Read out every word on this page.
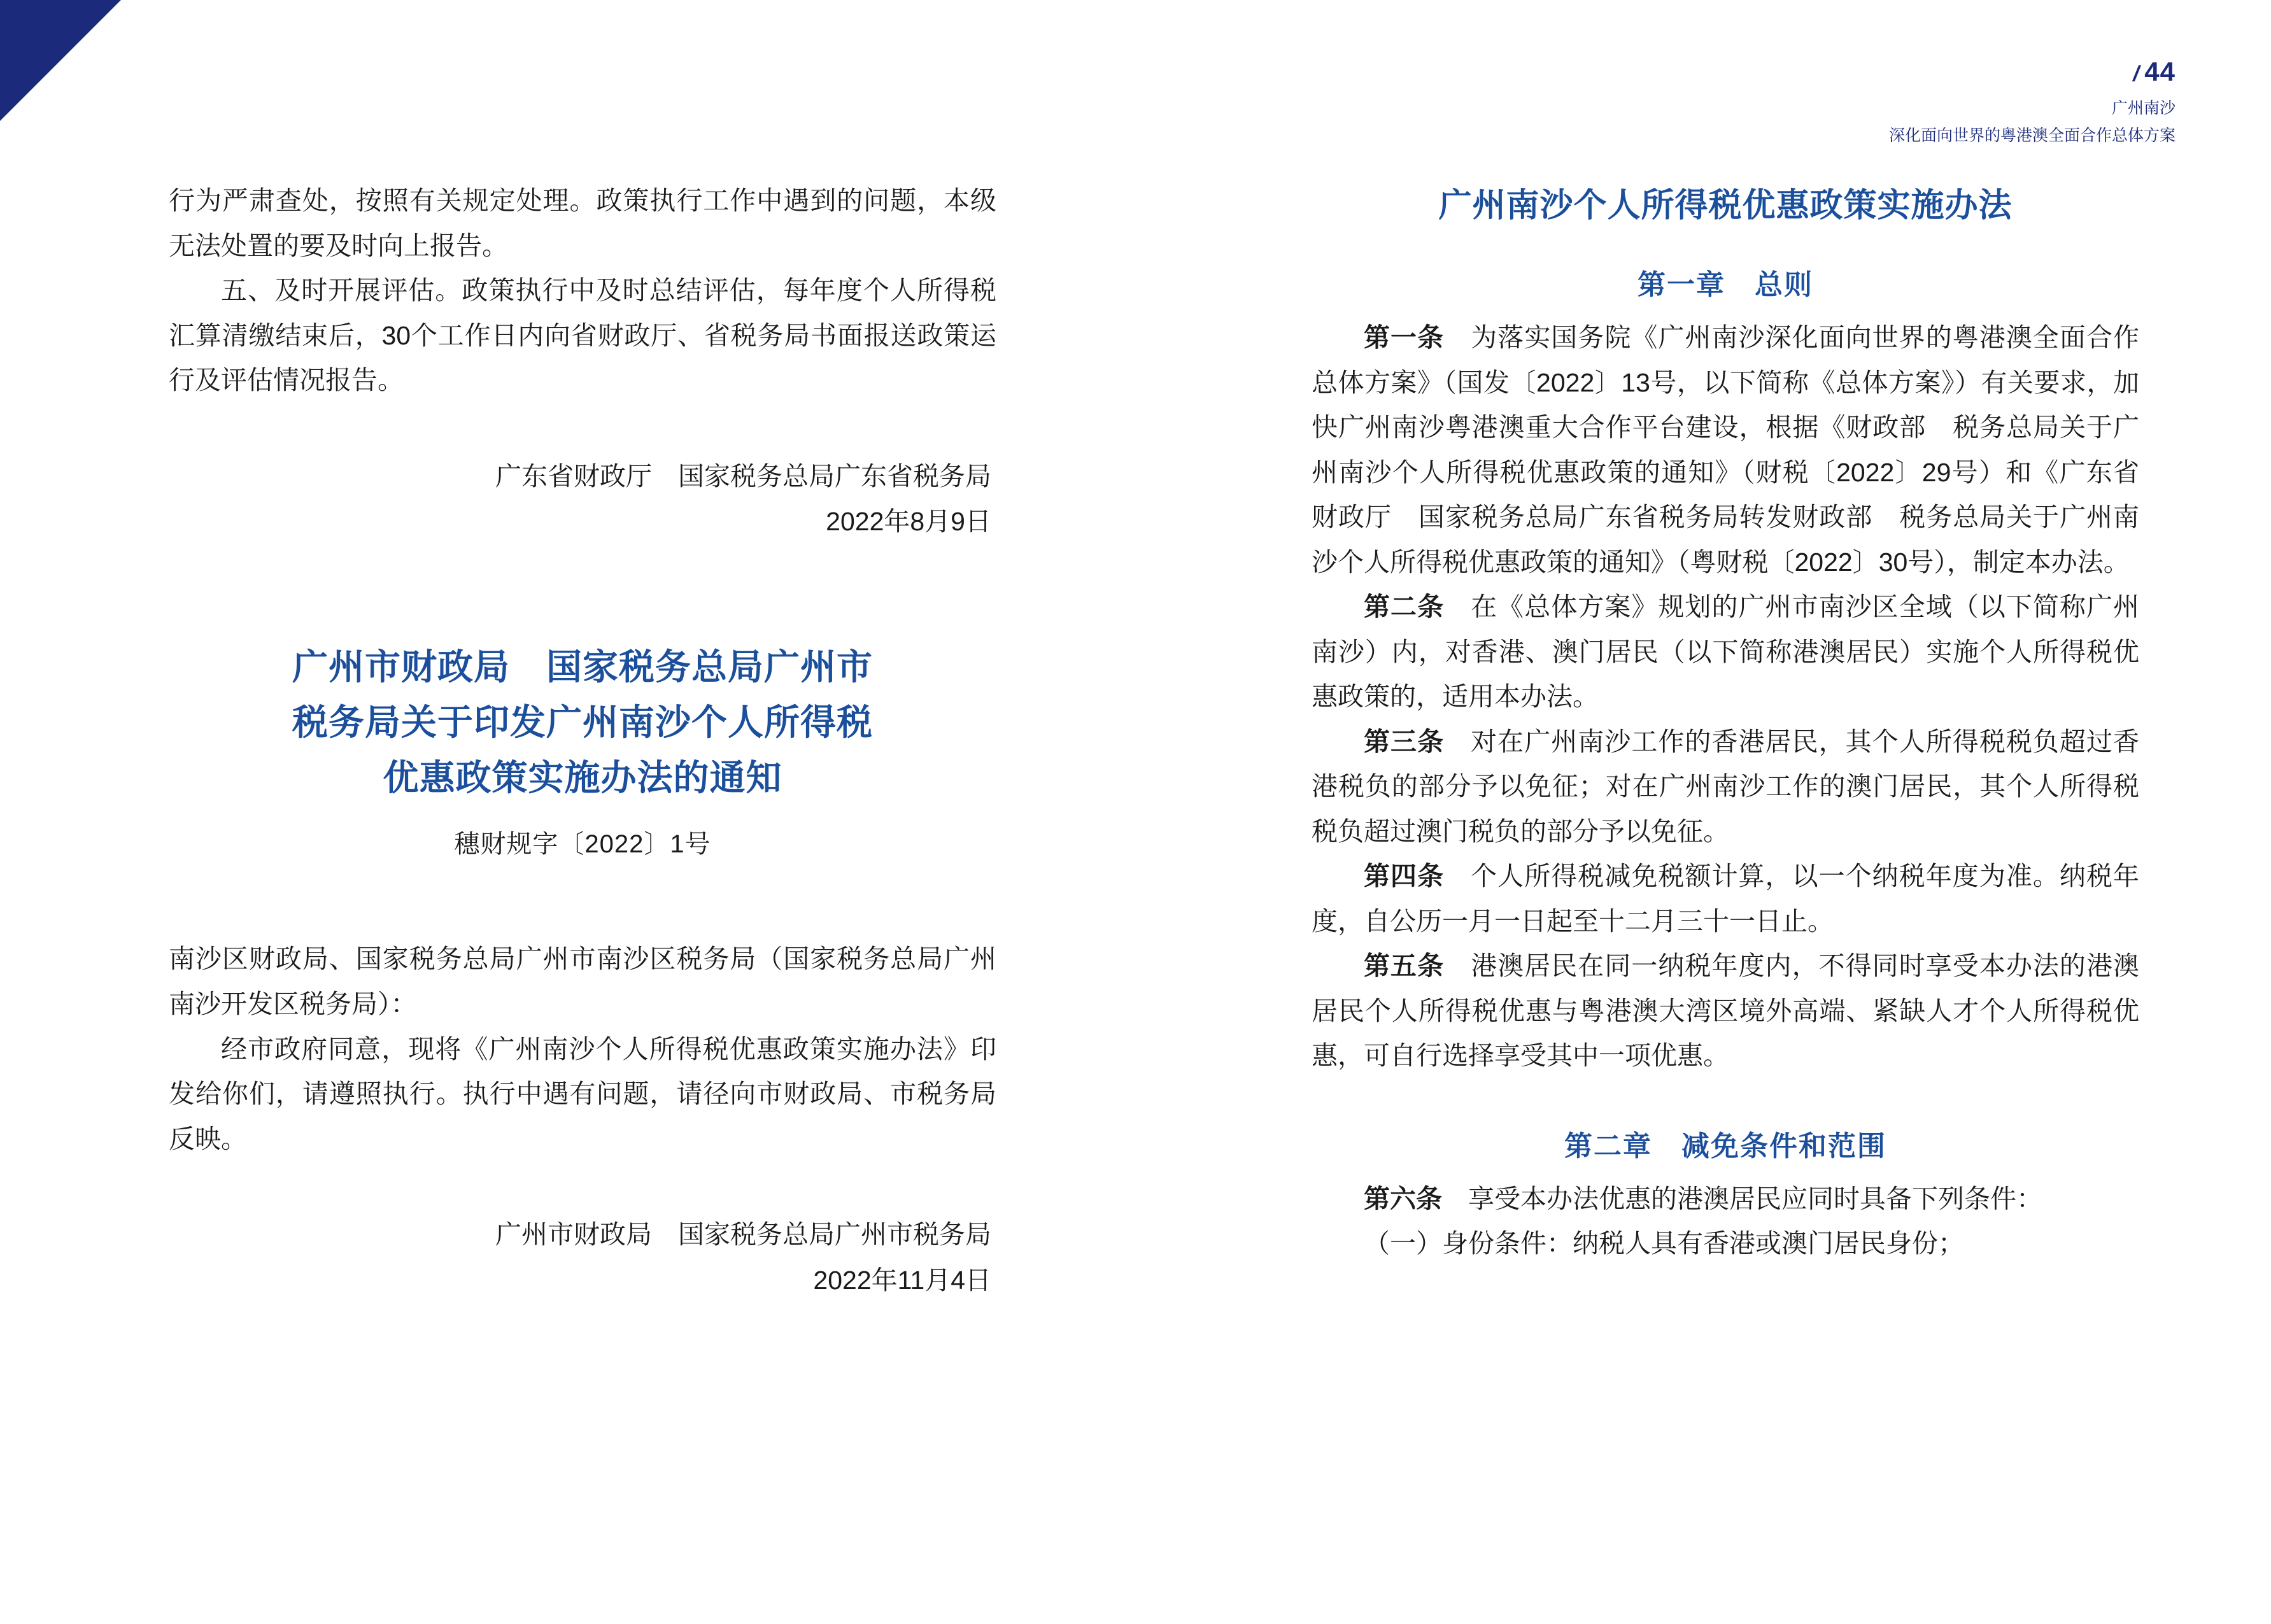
/ 44
广州南沙
深化面向世界的粤港澳全面合作总体方案

行为严肃查处，按照有关规定处理。政策执行工作中遇到的问题，本级无法处置的要及时向上报告。

五、及时开展评估。政策执行中及时总结评估，每年度个人所得税汇算清缴结束后，30个工作日内向省财政厅、省税务局书面报送政策运行及评估情况报告。

广东省财政厅　国家税务总局广东省税务局
2022年8月9日
广州市财政局　国家税务总局广州市
税务局关于印发广州南沙个人所得税
优惠政策实施办法的通知
穗财规字〔2022〕1号

南沙区财政局、国家税务总局广州市南沙区税务局（国家税务总局广州南沙开发区税务局）：

经市政府同意，现将《广州南沙个人所得税优惠政策实施办法》印发给你们，请遵照执行。执行中遇有问题，请径向市财政局、市税务局反映。

广州市财政局　国家税务总局广州市税务局
2022年11月4日
广州南沙个人所得税优惠政策实施办法
第一章　总则

第一条　为落实国务院《广州南沙深化面向世界的粤港澳全面合作总体方案》（国发〔2022〕13号，以下简称《总体方案》）有关要求，加快广州南沙粤港澳重大合作平台建设，根据《财政部　税务总局关于广州南沙个人所得税优惠政策的通知》（财税〔2022〕29号）和《广东省财政厅　国家税务总局广东省税务局转发财政部　税务总局关于广州南沙个人所得税优惠政策的通知》（粤财税〔2022〕30号），制定本办法。

第二条　在《总体方案》规划的广州市南沙区全域（以下简称广州南沙）内，对香港、澳门居民（以下简称港澳居民）实施个人所得税优惠政策的，适用本办法。

第三条　对在广州南沙工作的香港居民，其个人所得税税负超过香港税负的部分予以免征；对在广州南沙工作的澳门居民，其个人所得税税负超过澳门税负的部分予以免征。

第四条　个人所得税减免税额计算，以一个纳税年度为准。纳税年度，自公历一月一日起至十二月三十一日止。

第五条　港澳居民在同一纳税年度内，不得同时享受本办法的港澳居民个人所得税优惠与粤港澳大湾区境外高端、紧缺人才个人所得税优惠，可自行选择享受其中一项优惠。

第二章　减免条件和范围

第六条　享受本办法优惠的港澳居民应同时具备下列条件：

（一）身份条件：纳税人具有香港或澳门居民身份；
